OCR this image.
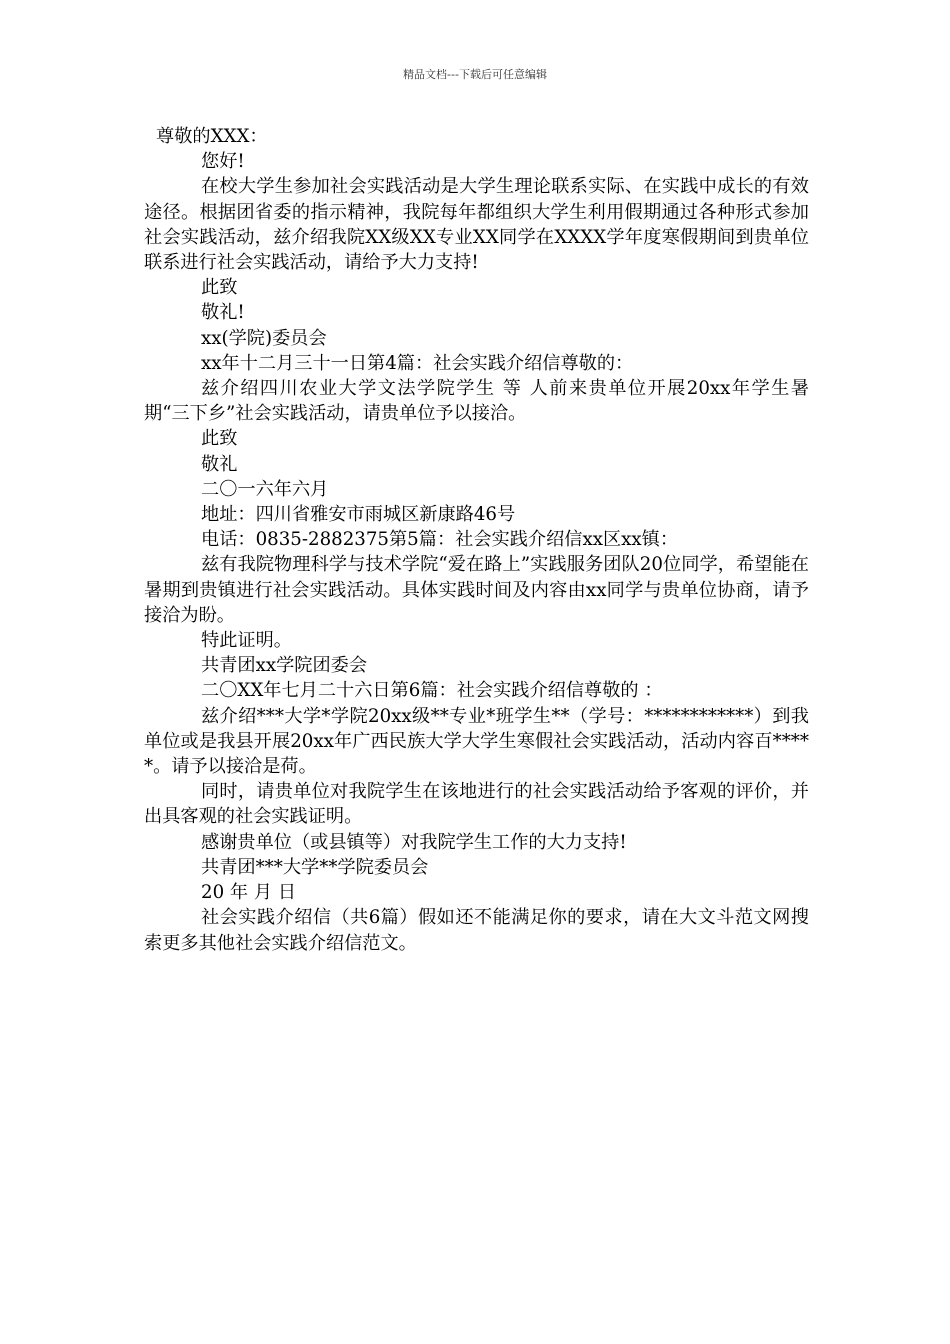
精品文档---下载后可任意编辑

尊敬的XXX：

您好!

在校大学生参加社会实践活动是大学生理论联系实际、在实践中成长的有效途径。根据团省委的指示精神，我院每年都组织大学生利用假期通过各种形式参加社会实践活动，兹介绍我院XX级XX专业XX同学在XXXX学年度寒假期间到贵单位联系进行社会实践活动，请给予大力支持!

此致

敬礼!

xx(学院)委员会

xx年十二月三十一日第4篇：社会实践介绍信尊敬的：

兹介绍四川农业大学文法学院学生 等 人前来贵单位开展20xx年学生暑期“三下乡”社会实践活动，请贵单位予以接洽。

此致

敬礼

二〇一六年六月

地址：四川省雅安市雨城区新康路46号

电话：0835-2882375第5篇：社会实践介绍信xx区xx镇：

兹有我院物理科学与技术学院“爱在路上”实践服务团队20位同学，希望能在暑期到贵镇进行社会实践活动。具体实践时间及内容由xx同学与贵单位协商，请予接洽为盼。

特此证明。

共青团xx学院团委会

二〇XX年七月二十六日第6篇：社会实践介绍信尊敬的 ：

兹介绍***大学*学院20xx级**专业*班学生**（学号：************）到我单位或是我县开展20xx年广西民族大学大学生寒假社会实践活动，活动内容百*****。请予以接洽是荷。

同时，请贵单位对我院学生在该地进行的社会实践活动给予客观的评价，并出具客观的社会实践证明。

感谢贵单位（或县镇等）对我院学生工作的大力支持!

共青团***大学**学院委员会

20 年 月 日

社会实践介绍信（共6篇）假如还不能满足你的要求，请在大文斗范文网搜索更多其他社会实践介绍信范文。
